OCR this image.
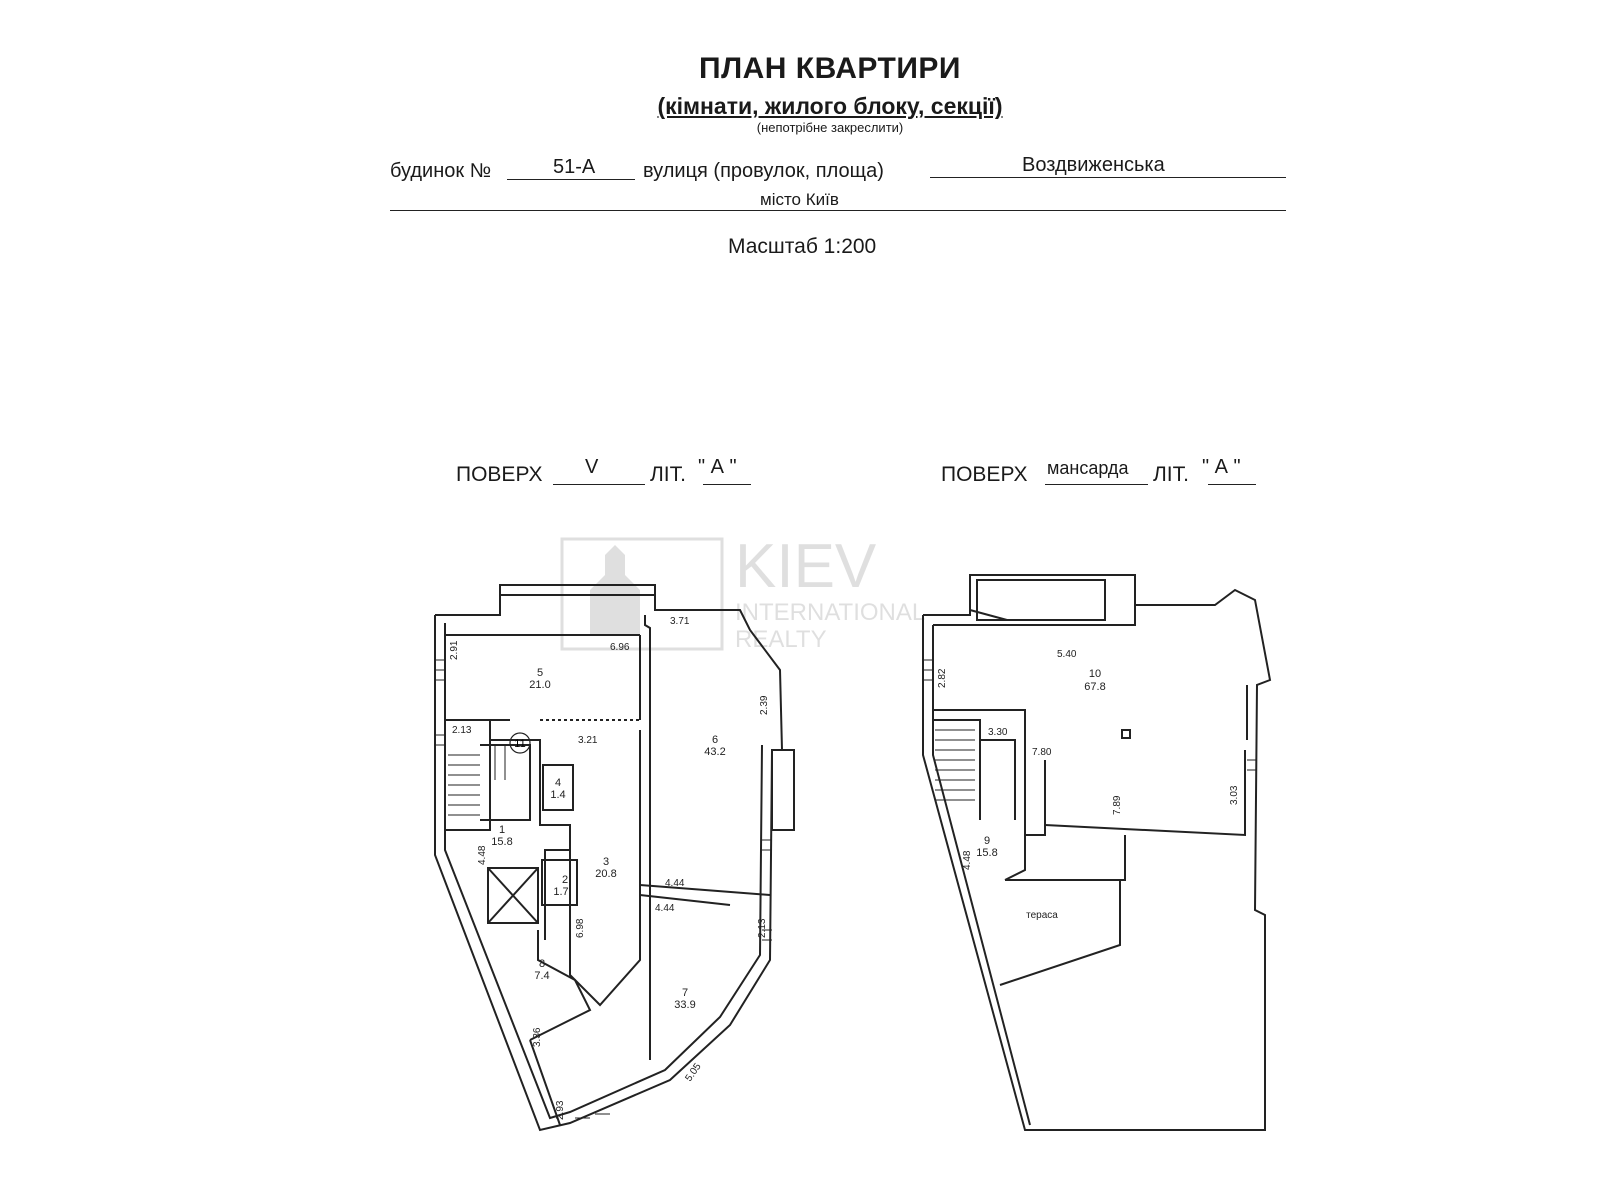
ПЛАН КВАРТИРИ
(кімнати, жилого блоку, секції)
(непотрібне закреслити)
будинок №	51-А вулиця (провулок, площа)	Воздвиженська
місто Київ
Масштаб 1:200
ПОВЕРХ V ЛІТ. " А "	ПОВЕРХ мансарда ЛІТ. " А "
KIEV
INTERNATIONAL
REALTY
11
5
21.0
6
43.2
4
1.4
1
15.8
3
20.8
2
1.7
8
7.4
7
33.9
2.91	6.96
3.71
2.39
2.13
3.21
4.44
4.44
4.48
6.98	2.13
3.36
5.05
2.93
10
67.8
9
15.8
тераса
5.40
2.82
3.30
7.80
7.89
3.03
4.48
